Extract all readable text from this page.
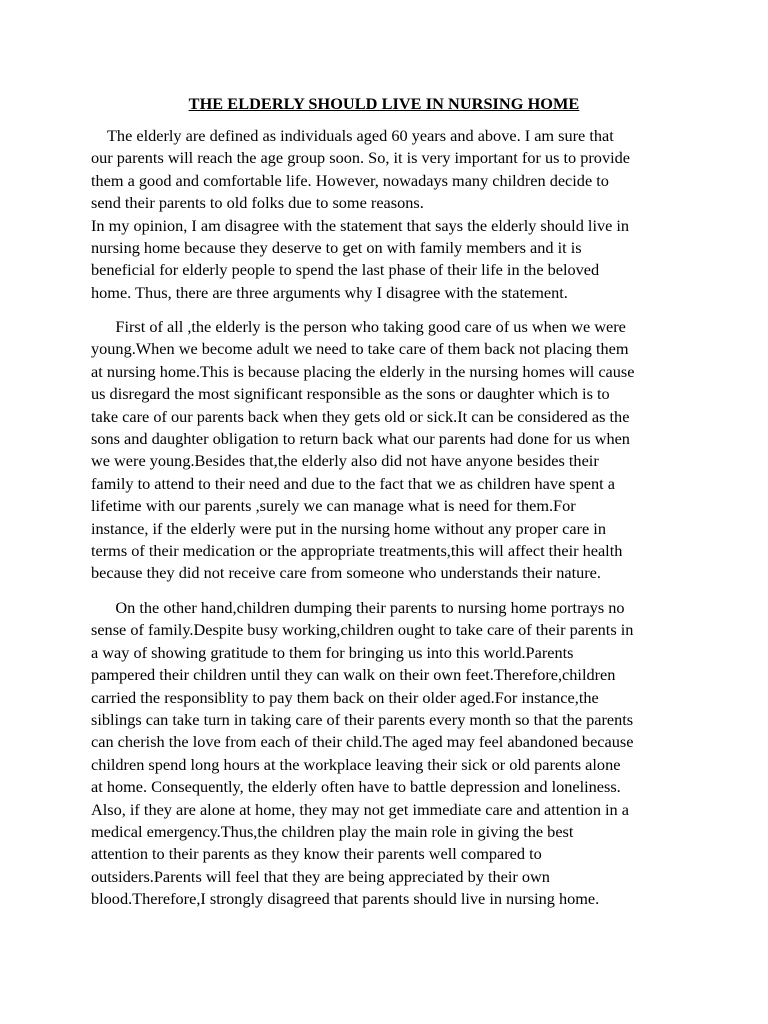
THE ELDERLY SHOULD LIVE IN NURSING HOME
The elderly are defined as individuals aged 60 years and above. I am sure that
our parents will reach the age group soon. So, it is very important for us to provide
them a good and comfortable life. However, nowadays many children decide to
send their parents to old folks due to some reasons.
In my opinion, I am disagree with the statement that says the elderly should live in
nursing home because they deserve to get on with family members and it is
beneficial for elderly people to spend the last phase of their life in the beloved
home. Thus, there are three arguments why I disagree with the statement.
First of all ,the elderly is the person who taking good care of us when we were
young.When we become adult we need to take care of them back not placing them
at nursing home.This is because placing the elderly in the nursing homes will cause
us disregard the most significant responsible as the sons or daughter which is to
take care of our parents back when they gets old or sick.It can be considered as the
sons and daughter obligation to return back what our parents had done for us when
we were young.Besides that,the elderly also did not have anyone besides their
family to attend to their need and due to the fact that we as children have spent a
lifetime with our parents ,surely we can manage what is need for them.For
instance, if the elderly were put in the nursing home without any proper care in
terms of their medication or the appropriate treatments,this will affect their health
because they did not receive care from someone who understands their nature.
On the other hand,children dumping their parents to nursing home portrays no
sense of family.Despite busy working,children ought to take care of their parents in
a way of showing gratitude to them for bringing us into this world.Parents
pampered their children until they can walk on their own feet.Therefore,children
carried the responsiblity to pay them back on their older aged.For instance,the
siblings can take turn in taking care of their parents every month so that the parents
can cherish the love from each of their child.The aged may feel abandoned because
children spend long hours at the workplace leaving their sick or old parents alone
at home. Consequently, the elderly often have to battle depression and loneliness.
Also, if they are alone at home, they may not get immediate care and attention in a
medical emergency.Thus,the children play the main role in giving the best
attention to their parents as they know their parents well compared to
outsiders.Parents will feel that they are being appreciated by their own
blood.Therefore,I strongly disagreed that parents should live in nursing home.
